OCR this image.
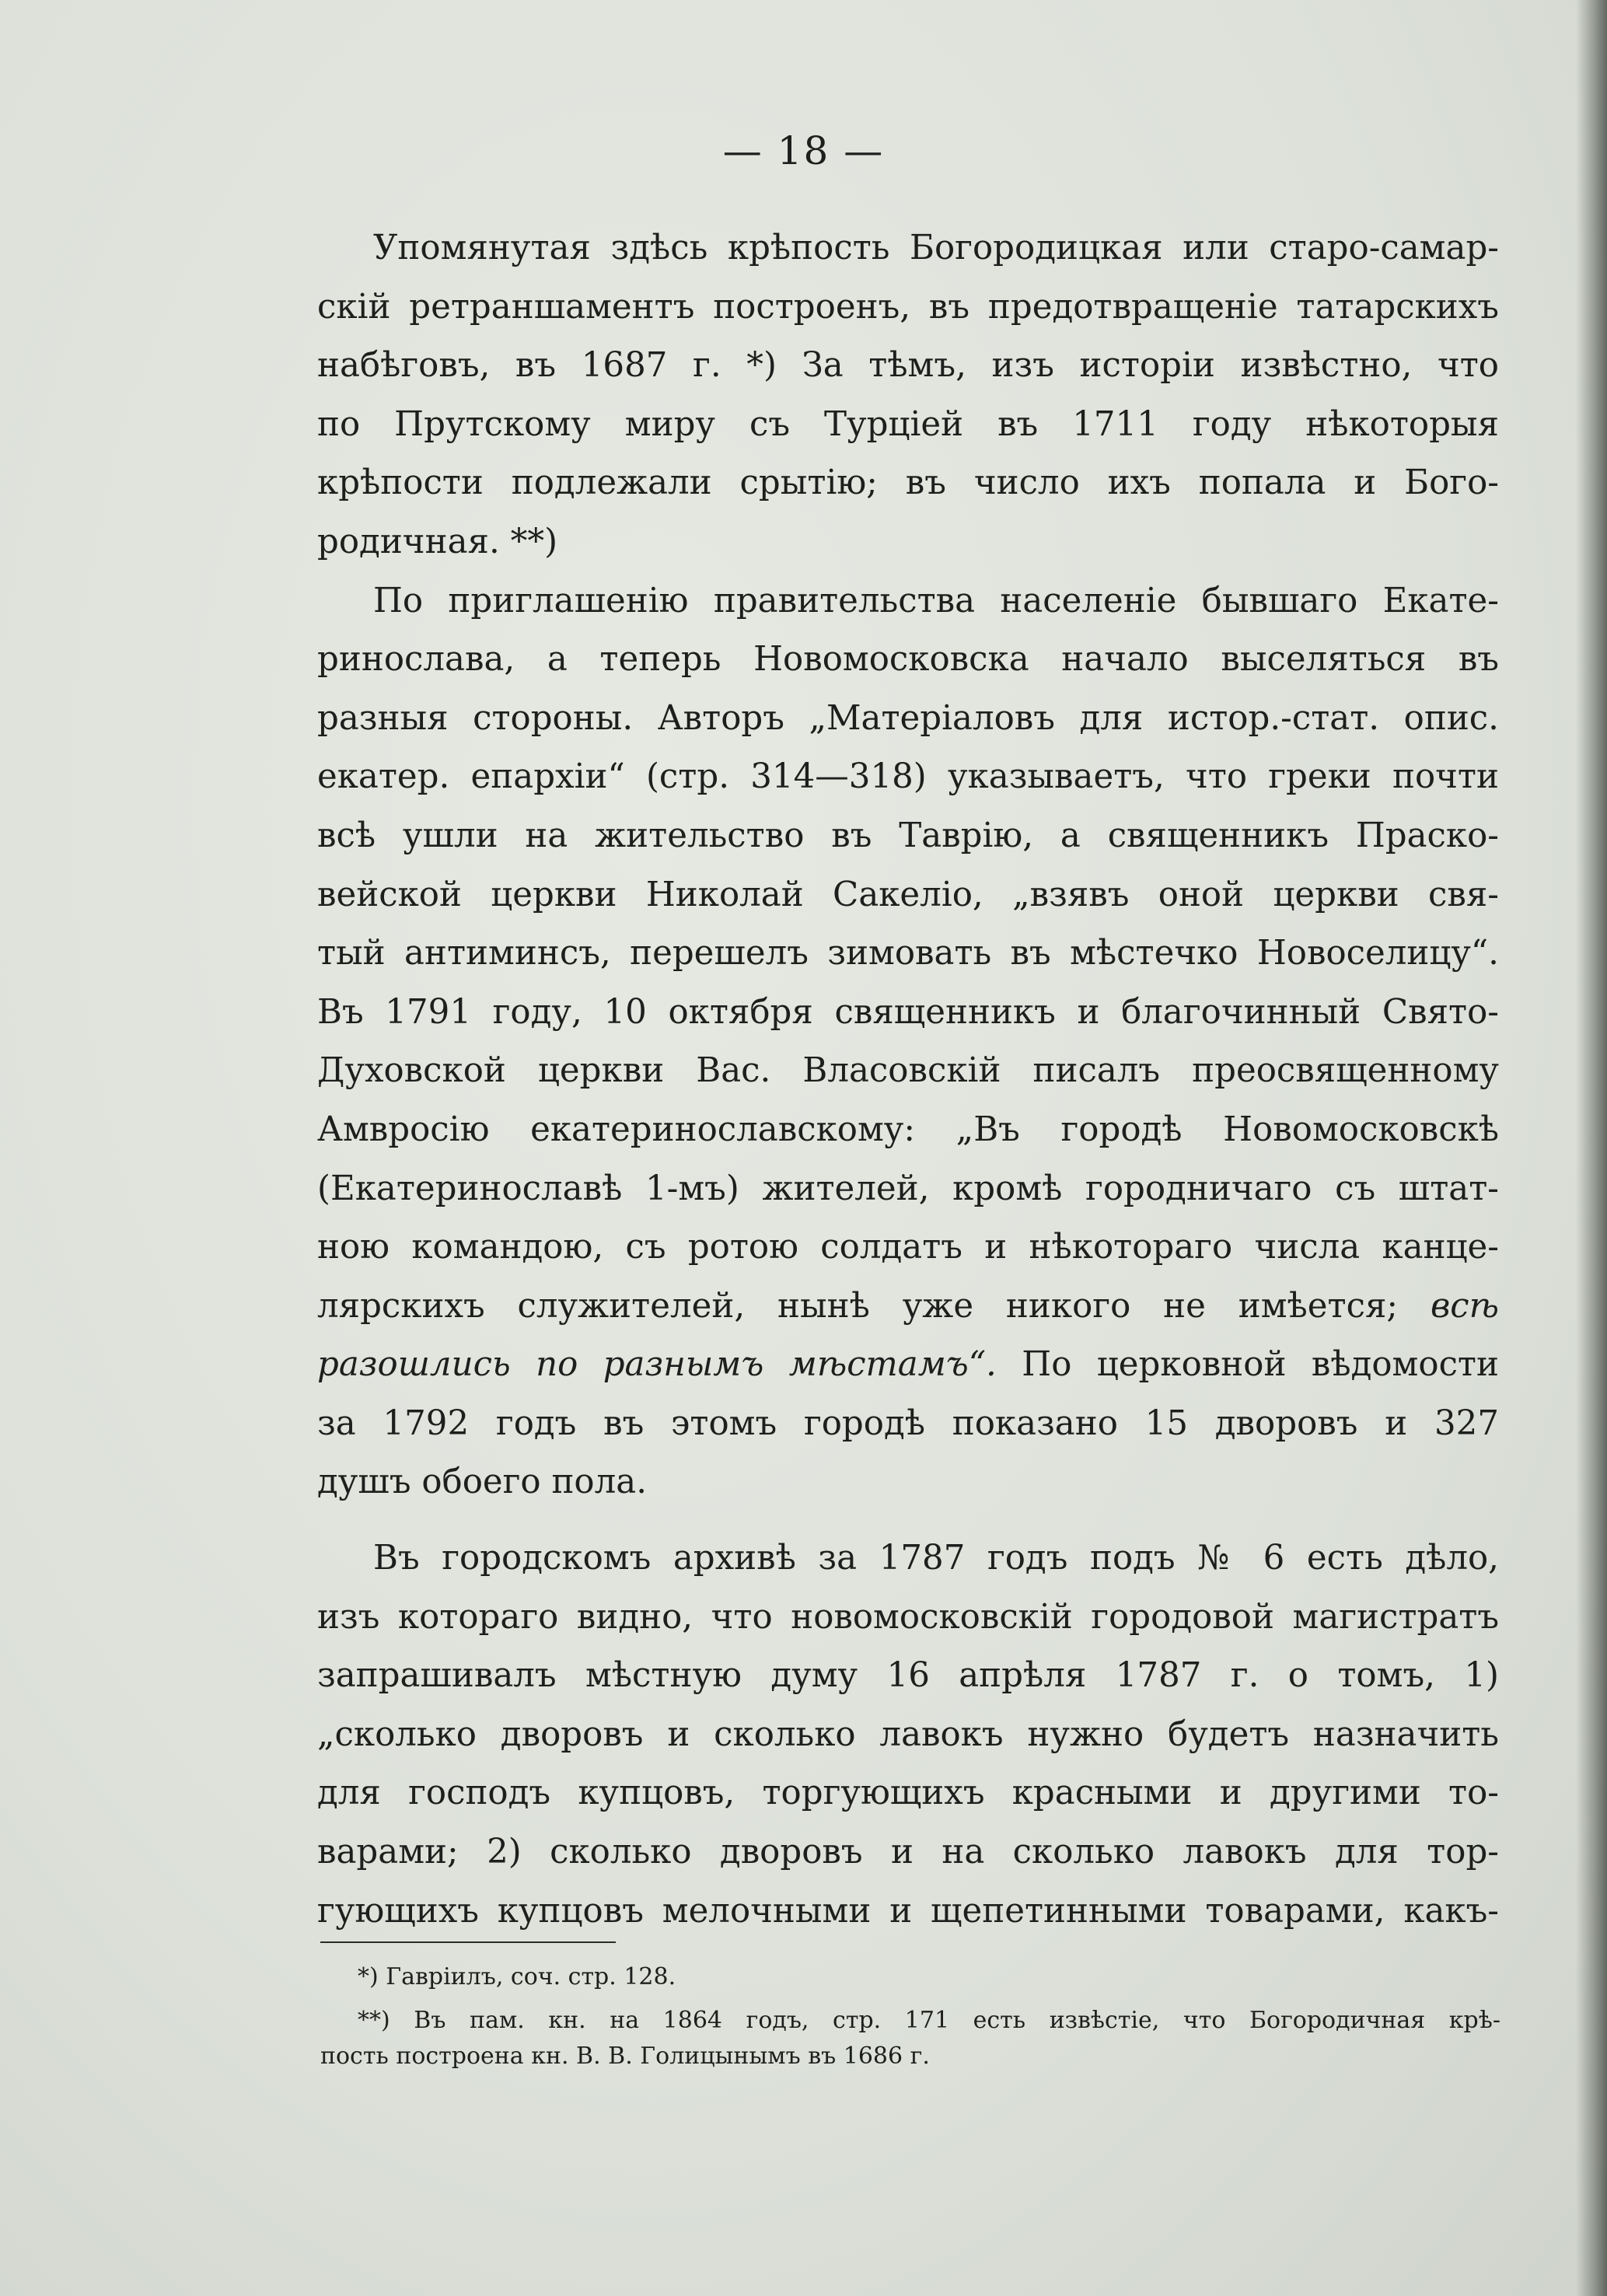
— 18 —
Упомянутая здѣсь крѣпость Богородицкая или старо-самар-
скій ретраншаментъ построенъ, въ предотвращеніе татарскихъ
набѣговъ, въ 1687 г. *) За тѣмъ, изъ исторіи извѣстно, что
по Прутскому миру съ Турціей въ 1711 году нѣкоторыя
крѣпости подлежали срытію; въ число ихъ попала и Бого-
родичная. **)
По приглашенію правительства населеніе бывшаго Екате-
ринослава, а теперь Новомосковска начало выселяться въ
разныя стороны. Авторъ „Матеріаловъ для истор.-стат. опис.
екатер. епархіи“ (стр. 314—318) указываетъ, что греки почти
всѣ ушли на жительство въ Таврію, а священникъ Праско-
вейской церкви Николай Сакеліо, „взявъ оной церкви свя-
тый антиминсъ, перешелъ зимовать въ мѣстечко Новоселицу“.
Въ 1791 году, 10 октября священникъ и благочинный Свято-
Духовской церкви Вас. Власовскій писалъ преосвященному
Амвросію екатеринославскому: „Въ городѣ Новомосковскѣ
(Екатеринославѣ 1-мъ) жителей, кромѣ городничаго съ штат-
ною командою, съ ротою солдатъ и нѣкотораго числа канце-
лярскихъ служителей, нынѣ уже никого не имѣется; всѣ
разошлись по разнымъ мѣстамъ“. По церковной вѣдомости
за 1792 годъ въ этомъ городѣ показано 15 дворовъ и 327
душъ обоего пола.
Въ городскомъ архивѣ за 1787 годъ подъ № 6 есть дѣло,
изъ котораго видно, что новомосковскій городовой магистратъ
запрашивалъ мѣстную думу 16 апрѣля 1787 г. о томъ, 1)
„сколько дворовъ и сколько лавокъ нужно будетъ назначить
для господъ купцовъ, торгующихъ красными и другими то-
варами; 2) сколько дворовъ и на сколько лавокъ для тор-
гующихъ купцовъ мелочными и щепетинными товарами, какъ-
*) Гавріилъ, соч. стр. 128.
**) Въ пам. кн. на 1864 годъ, стр. 171 есть извѣстіе, что Богородичная крѣ-
пость построена кн. В. В. Голицынымъ въ 1686 г.
